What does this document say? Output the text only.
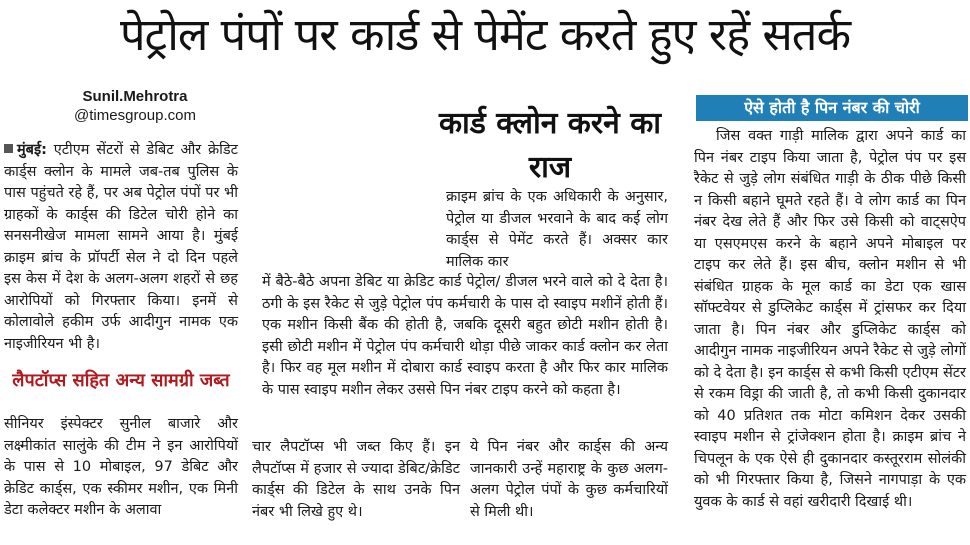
पेट्रोल पंपों पर कार्ड से पेमेंट करते हुए रहें सतर्क
Sunil.Mehrotra
@timesgroup.com
मुंबई: एटीएम सेंटरों से डेबिट और क्रेडिट कार्ड्स क्लोन के मामले जब-तब पुलिस के पास पहुंचते रहे हैं, पर अब पेट्रोल पंपों पर भी ग्राहकों के कार्ड्स की डिटेल चोरी होने का सनसनीखेज मामला सामने आया है। मुंबई क्राइम ब्रांच के प्रॉपर्टी सेल ने दो दिन पहले इस केस में देश के अलग-अलग शहरों से छह आरोपियों को गिरफ्तार किया। इनमें से कोलावोले हकीम उर्फ आदीगुन नामक एक नाइजीरियन भी है।
लैपटॉप्स सहित अन्य सामग्री जब्त
सीनियर इंस्पेक्टर सुनील बाजारे और लक्ष्मीकांत सालुंके की टीम ने इन आरोपियों के पास से 10 मोबाइल, 97 डेबिट और क्रेडिट कार्ड्स, एक स्कीमर मशीन, एक मिनी डेटा कलेक्टर मशीन के अलावा
कार्ड क्लोन करने का राज
क्राइम ब्रांच के एक अधिकारी के अनुसार, पेट्रोल या डीजल भरवाने के बाद कई लोग कार्ड्स से पेमेंट करते हैं। अक्सर कार मालिक कार
में बैठे-बैठे अपना डेबिट या क्रेडिट कार्ड पेट्रोल/ डीजल भरने वाले को दे देता है। ठगी के इस रैकेट से जुड़े पेट्रोल पंप कर्मचारी के पास दो स्वाइप मशीनें होती हैं। एक मशीन किसी बैंक की होती है, जबकि दूसरी बहुत छोटी मशीन होती है। इसी छोटी मशीन में पेट्रोल पंप कर्मचारी थोड़ा पीछे जाकर कार्ड क्लोन कर लेता है। फिर वह मूल मशीन में दोबारा कार्ड स्वाइप करता है और फिर कार मालिक के पास स्वाइप मशीन लेकर उससे पिन नंबर टाइप करने को कहता है।
चार लैपटॉप्स भी जब्त किए हैं। इन लैपटॉप्स में हजार से ज्यादा डेबिट/क्रेडिट कार्ड्स की डिटेल के साथ उनके पिन नंबर भी लिखे हुए थे।
ये पिन नंबर और कार्ड्स की अन्य जानकारी उन्हें महाराष्ट्र के कुछ अलग-अलग पेट्रोल पंपों के कुछ कर्मचारियों से मिली थी।
ऐसे होती है पिन नंबर की चोरी
जिस वक्त गाड़ी मालिक द्वारा अपने कार्ड का पिन नंबर टाइप किया जाता है, पेट्रोल पंप पर इस रैकेट से जुड़े लोग संबंधित गाड़ी के ठीक पीछे किसी न किसी बहाने घूमते रहते हैं। वे लोग कार्ड का पिन नंबर देख लेते हैं और फिर उसे किसी को वाट्सऐप या एसएमएस करने के बहाने अपने मोबाइल पर टाइप कर लेते हैं। इस बीच, क्लोन मशीन से भी संबंधित ग्राहक के मूल कार्ड का डेटा एक खास सॉफ्टवेयर से डुप्लिकेट कार्ड्स में ट्रांसफर कर दिया जाता है। पिन नंबर और डुप्लिकेट कार्ड्स को आदीगुन नामक नाइजीरियन अपने रैकेट से जुड़े लोगों को दे देता है। इन कार्ड्स से कभी किसी एटीएम सेंटर से रकम विड्रा की जाती है, तो कभी किसी दुकानदार को 40 प्रतिशत तक मोटा कमिशन देकर उसकी स्वाइप मशीन से ट्रांजेक्शन होता है। क्राइम ब्रांच ने चिपलून के एक ऐसे ही दुकानदार कस्तूरराम सोलंकी को भी गिरफ्तार किया है, जिसने नागपाड़ा के एक युवक के कार्ड से वहां खरीदारी दिखाई थी।
